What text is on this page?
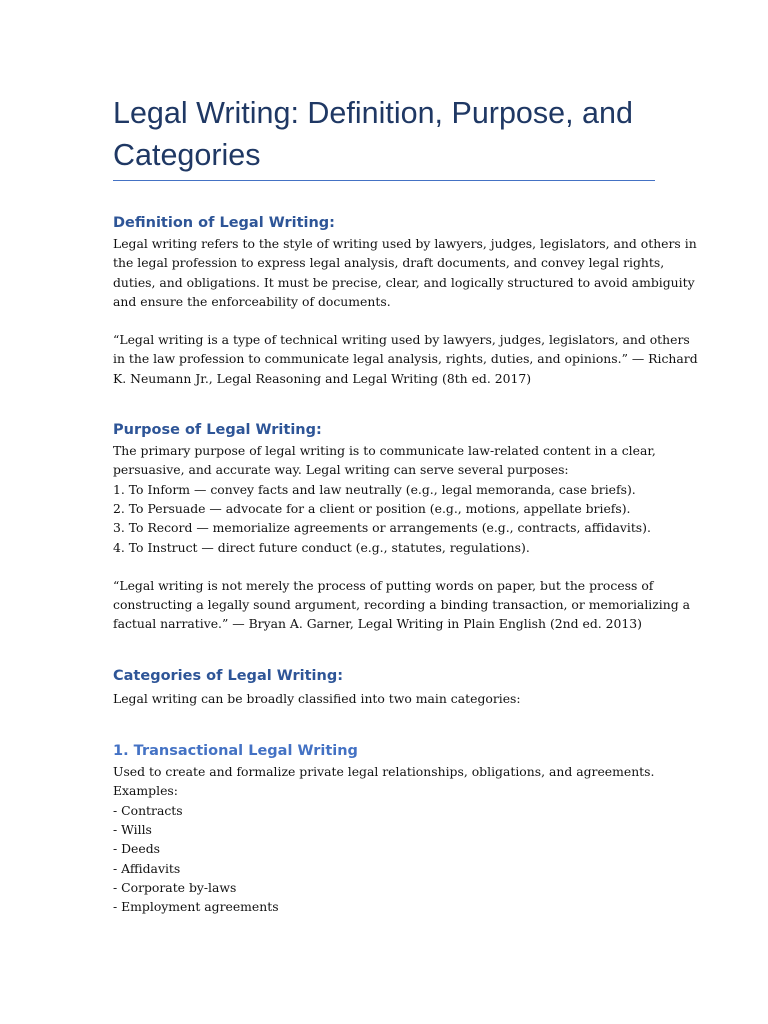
Legal Writing: Definition, Purpose, and
Categories
Definition of Legal Writing:

Legal writing refers to the style of writing used by lawyers, judges, legislators, and others in
the legal profession to express legal analysis, draft documents, and convey legal rights,
duties, and obligations. It must be precise, clear, and logically structured to avoid ambiguity
and ensure the enforceability of documents.

“Legal writing is a type of technical writing used by lawyers, judges, legislators, and others
in the law profession to communicate legal analysis, rights, duties, and opinions.” — Richard
K. Neumann Jr., Legal Reasoning and Legal Writing (8th ed. 2017)

Purpose of Legal Writing:

The primary purpose of legal writing is to communicate law-related content in a clear,
persuasive, and accurate way. Legal writing can serve several purposes:
1. To Inform — convey facts and law neutrally (e.g., legal memoranda, case briefs).
2. To Persuade — advocate for a client or position (e.g., motions, appellate briefs).
3. To Record — memorialize agreements or arrangements (e.g., contracts, affidavits).
4. To Instruct — direct future conduct (e.g., statutes, regulations).

“Legal writing is not merely the process of putting words on paper, but the process of
constructing a legally sound argument, recording a binding transaction, or memorializing a
factual narrative.” — Bryan A. Garner, Legal Writing in Plain English (2nd ed. 2013)

Categories of Legal Writing:

Legal writing can be broadly classified into two main categories:

1. Transactional Legal Writing

Used to create and formalize private legal relationships, obligations, and agreements.
Examples:
- Contracts
- Wills
- Deeds
- Affidavits
- Corporate by-laws
- Employment agreements
